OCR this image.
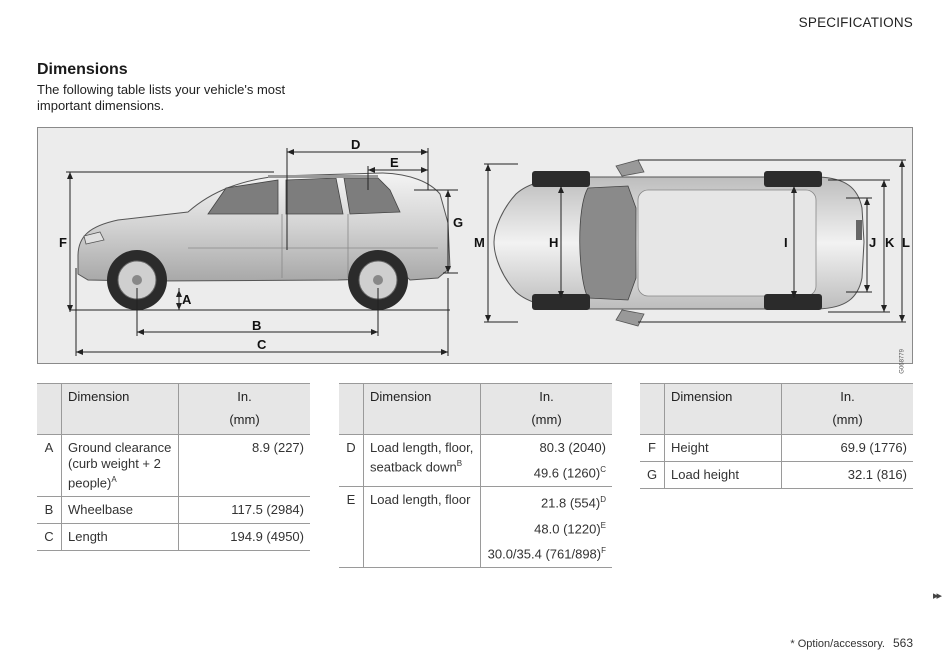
SPECIFICATIONS
Dimensions
The following table lists your vehicle's most important dimensions.
D
E
G
F
A
B
C
M	H	I	J K L
G068779
	Dimension	In.
(mm)

A	Ground clearance (curb weight + 2 people)$^A$	8.9 (227)

B	Wheelbase	117.5 (2984)

C	Length	194.9 (4950)
	Dimension	In.
(mm)

D	Load length, floor, seatback down$^B$	80.3 (2040)
49.6 $(1260)^C$

E	Load length, floor	21.8 $(554)^D$
48.0 $(1220)^E$
30.0/35.4 $(761/898)^F$
	Dimension	In.
(mm)

F	Height	69.9 (1776)

G	Load height	32.1 (816)
▸▸
* Option/accessory. 563
